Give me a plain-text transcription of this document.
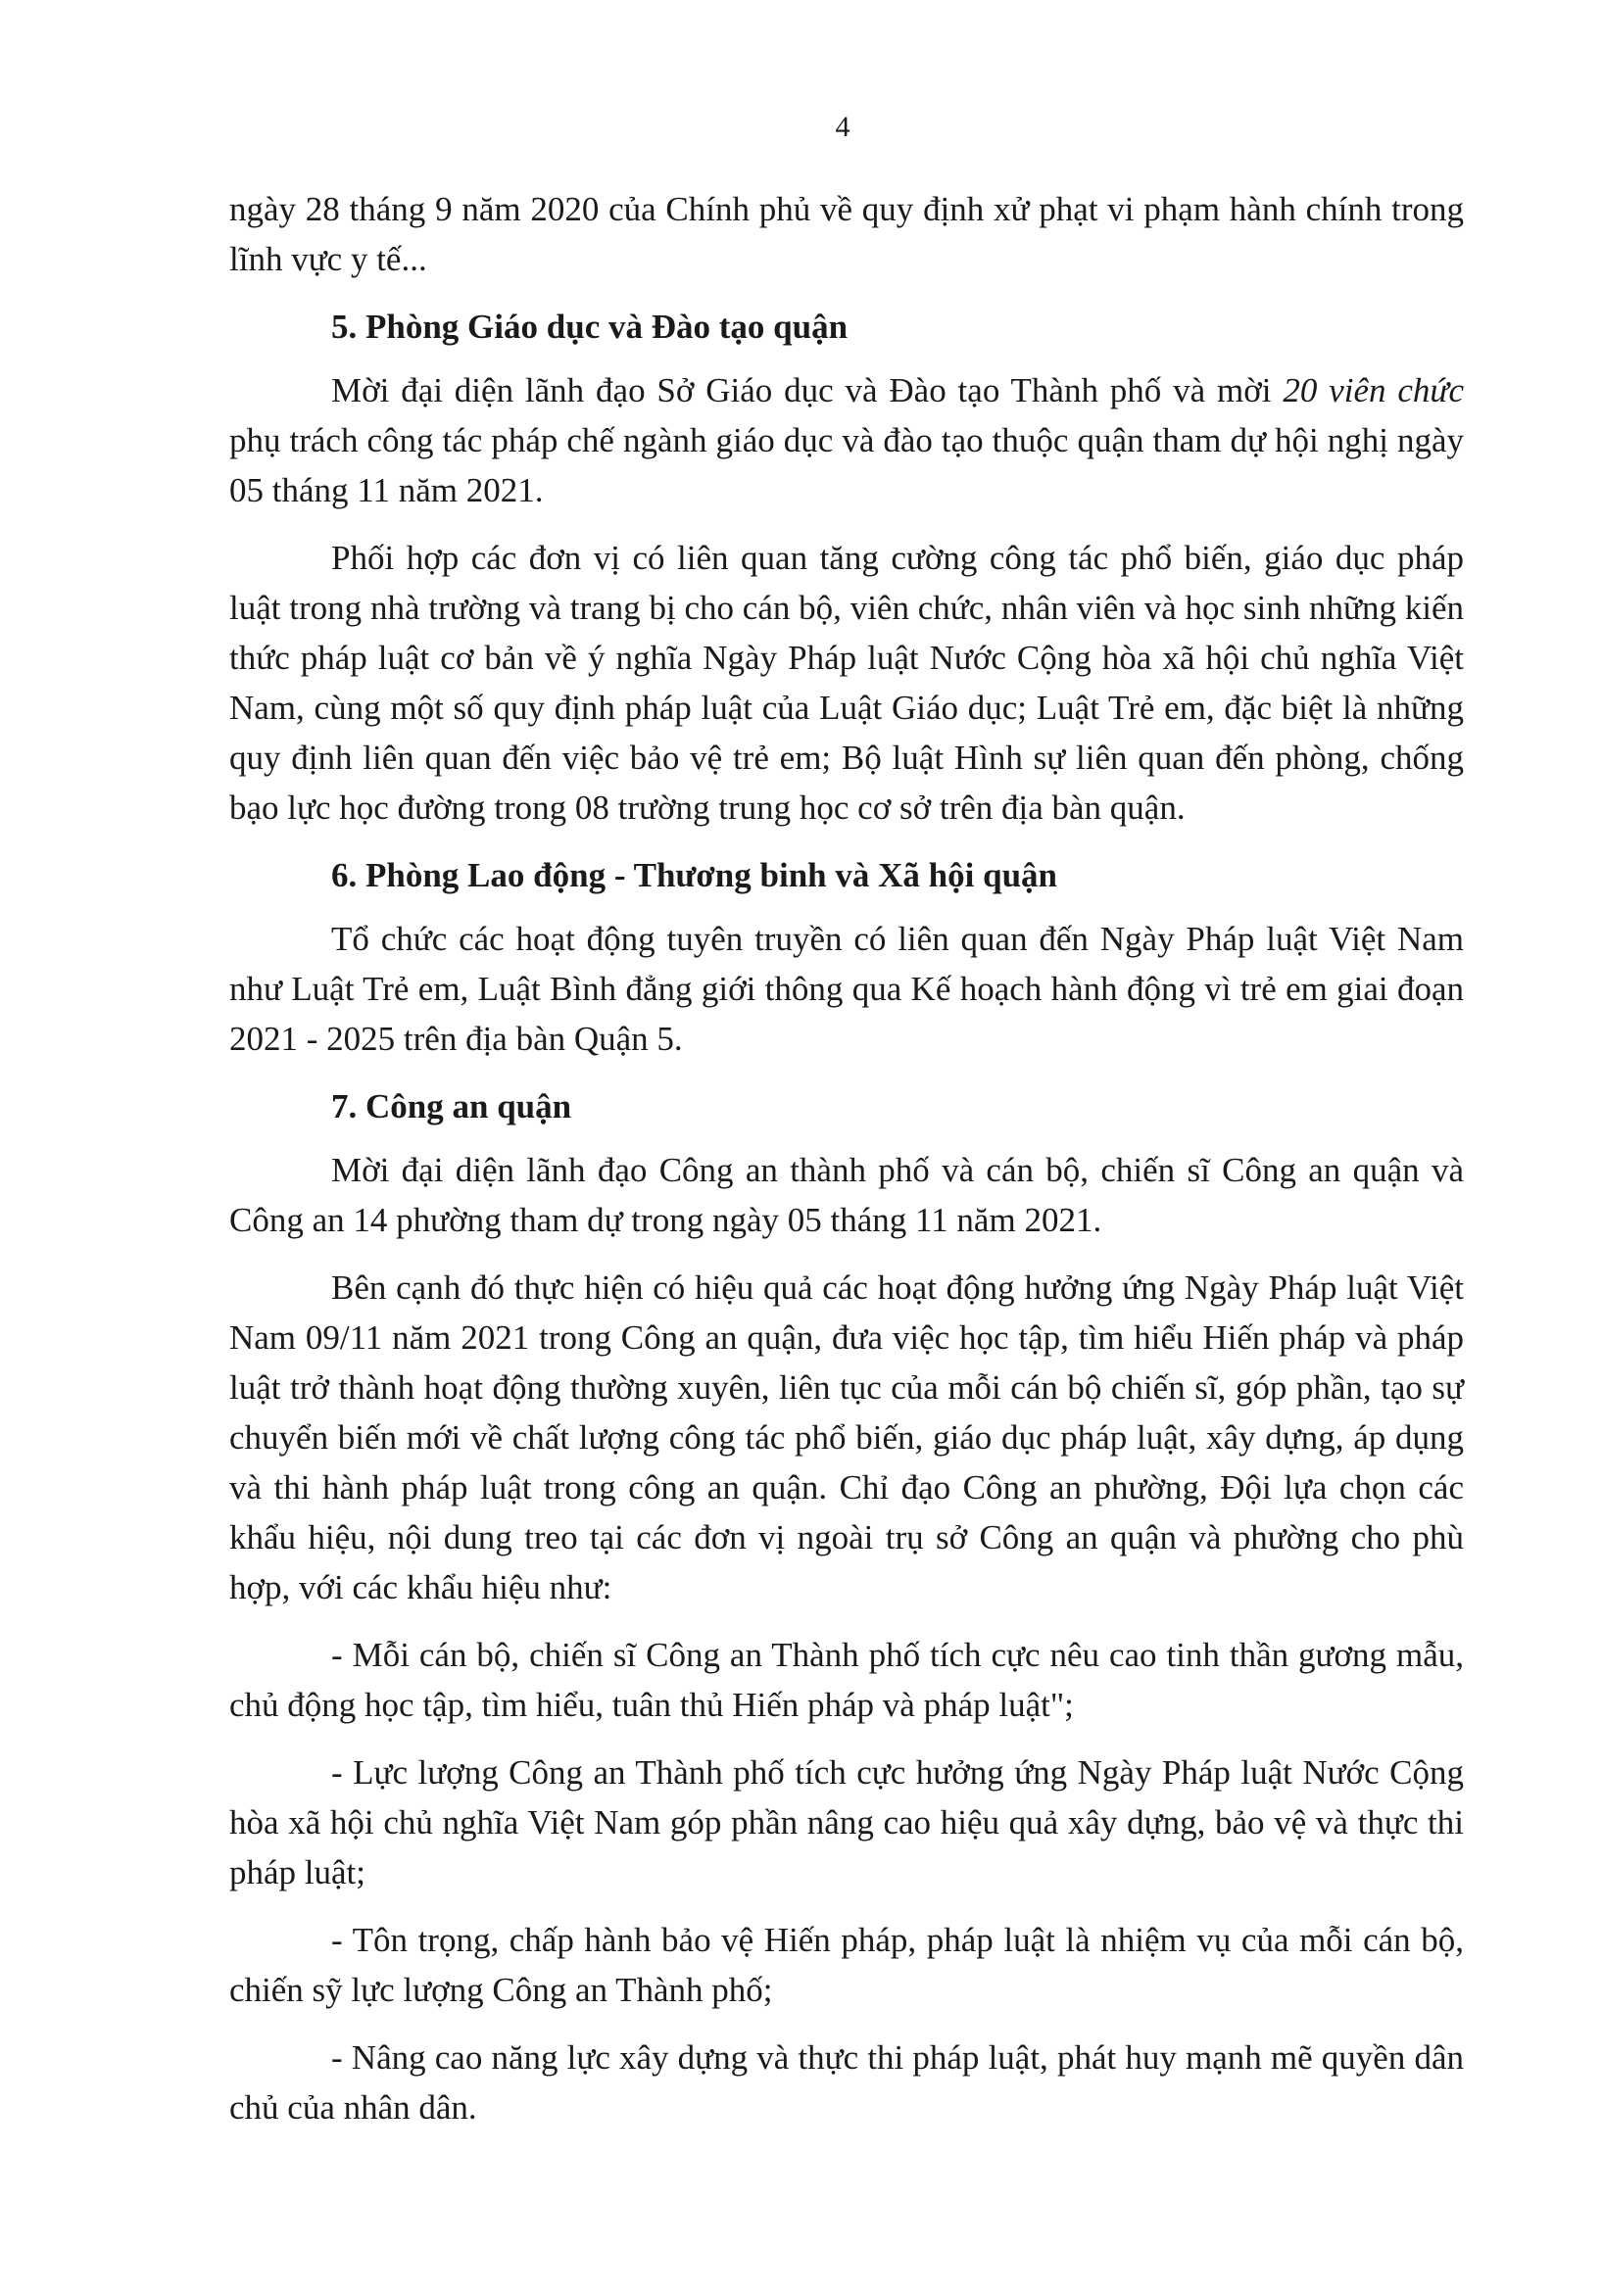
4

ngày 28 tháng 9 năm 2020 của Chính phủ về quy định xử phạt vi phạm hành chính trong lĩnh vực y tế...

5. Phòng Giáo dục và Đào tạo quận

Mời đại diện lãnh đạo Sở Giáo dục và Đào tạo Thành phố và mời 20 viên chức phụ trách công tác pháp chế ngành giáo dục và đào tạo thuộc quận tham dự hội nghị ngày 05 tháng 11 năm 2021.

Phối hợp các đơn vị có liên quan tăng cường công tác phổ biến, giáo dục pháp luật trong nhà trường và trang bị cho cán bộ, viên chức, nhân viên và học sinh những kiến thức pháp luật cơ bản về ý nghĩa Ngày Pháp luật Nước Cộng hòa xã hội chủ nghĩa Việt Nam, cùng một số quy định pháp luật của Luật Giáo dục; Luật Trẻ em, đặc biệt là những quy định liên quan đến việc bảo vệ trẻ em; Bộ luật Hình sự liên quan đến phòng, chống bạo lực học đường trong 08 trường trung học cơ sở trên địa bàn quận.

6. Phòng Lao động - Thương binh và Xã hội quận

Tổ chức các hoạt động tuyên truyền có liên quan đến Ngày Pháp luật Việt Nam như Luật Trẻ em, Luật Bình đẳng giới thông qua Kế hoạch hành động vì trẻ em giai đoạn 2021 - 2025 trên địa bàn Quận 5.

7. Công an quận

Mời đại diện lãnh đạo Công an thành phố và cán bộ, chiến sĩ Công an quận và Công an 14 phường tham dự trong ngày 05 tháng 11 năm 2021.

Bên cạnh đó thực hiện có hiệu quả các hoạt động hưởng ứng Ngày Pháp luật Việt Nam 09/11 năm 2021 trong Công an quận, đưa việc học tập, tìm hiểu Hiến pháp và pháp luật trở thành hoạt động thường xuyên, liên tục của mỗi cán bộ chiến sĩ, góp phần, tạo sự chuyển biến mới về chất lượng công tác phổ biến, giáo dục pháp luật, xây dựng, áp dụng và thi hành pháp luật trong công an quận. Chỉ đạo Công an phường, Đội lựa chọn các khẩu hiệu, nội dung treo tại các đơn vị ngoài trụ sở Công an quận và phường cho phù hợp, với các khẩu hiệu như:

- Mỗi cán bộ, chiến sĩ Công an Thành phố tích cực nêu cao tinh thần gương mẫu, chủ động học tập, tìm hiểu, tuân thủ Hiến pháp và pháp luật";

- Lực lượng Công an Thành phố tích cực hưởng ứng Ngày Pháp luật Nước Cộng hòa xã hội chủ nghĩa Việt Nam góp phần nâng cao hiệu quả xây dựng, bảo vệ và thực thi pháp luật;

- Tôn trọng, chấp hành bảo vệ Hiến pháp, pháp luật là nhiệm vụ của mỗi cán bộ, chiến sỹ lực lượng Công an Thành phố;

- Nâng cao năng lực xây dựng và thực thi pháp luật, phát huy mạnh mẽ quyền dân chủ của nhân dân.
